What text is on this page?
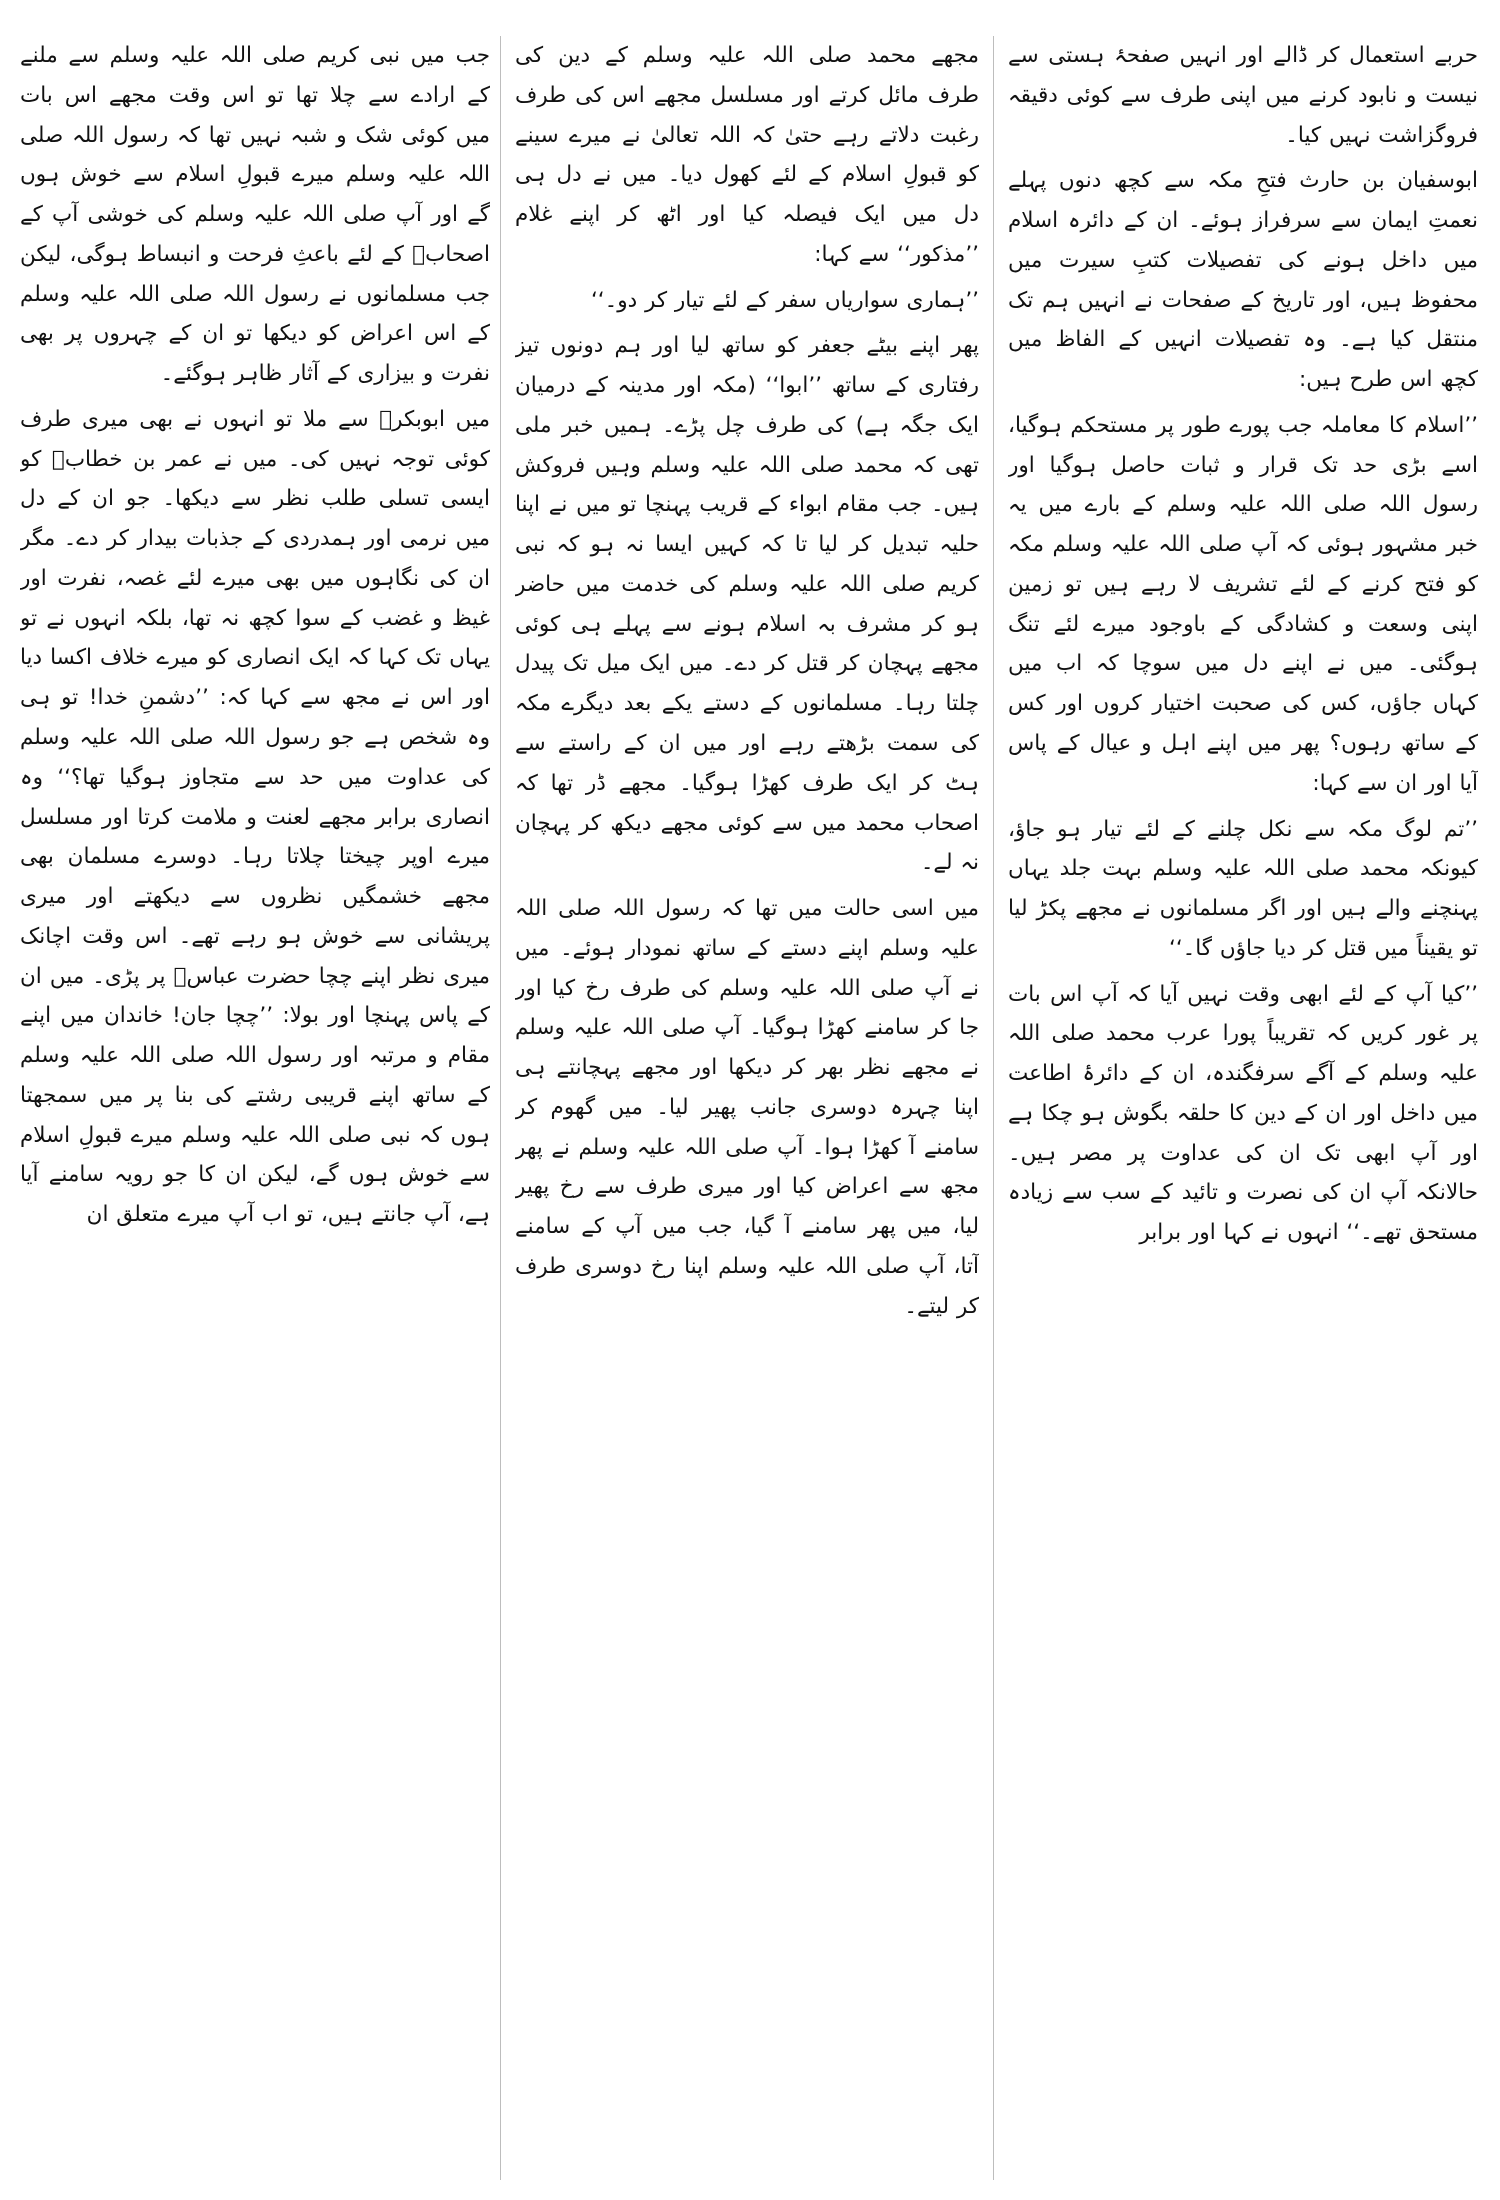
حربے استعمال کر ڈالے اور انہیں صفحۂ ہستی سے نیست و نابود کرنے میں اپنی طرف سے کوئی دقیقہ فروگزاشت نہیں کیا۔

ابوسفیان بن حارث فتحِ مکہ سے کچھ دنوں پہلے نعمتِ ایمان سے سرفراز ہوئے۔ ان کے دائرہ اسلام میں داخل ہونے کی تفصیلات کتبِ سیرت میں محفوظ ہیں، اور تاریخ کے صفحات نے انہیں ہم تک منتقل کیا ہے۔ وہ تفصیلات انہیں کے الفاظ میں کچھ اس طرح ہیں:

’’اسلام کا معاملہ جب پورے طور پر مستحکم ہوگیا، اسے بڑی حد تک قرار و ثبات حاصل ہوگیا اور رسول اللہ صلی اللہ علیہ وسلم کے بارے میں یہ خبر مشہور ہوئی کہ آپ صلی اللہ علیہ وسلم مکہ کو فتح کرنے کے لئے تشریف لا رہے ہیں تو زمین اپنی وسعت و کشادگی کے باوجود میرے لئے تنگ ہوگئی۔ میں نے اپنے دل میں سوچا کہ اب میں کہاں جاؤں، کس کی صحبت اختیار کروں اور کس کے ساتھ رہوں؟ پھر میں اپنے اہل و عیال کے پاس آیا اور ان سے کہا:

’’تم لوگ مکہ سے نکل چلنے کے لئے تیار ہو جاؤ، کیونکہ محمد صلی اللہ علیہ وسلم بہت جلد یہاں پہنچنے والے ہیں اور اگر مسلمانوں نے مجھے پکڑ لیا تو یقیناً میں قتل کر دیا جاؤں گا۔‘‘

’’کیا آپ کے لئے ابھی وقت نہیں آیا کہ آپ اس بات پر غور کریں کہ تقریباً پورا عرب محمد صلی اللہ علیہ وسلم کے آگے سرفگندہ، ان کے دائرۂ اطاعت میں داخل اور ان کے دین کا حلقہ بگوش ہو چکا ہے اور آپ ابھی تک ان کی عداوت پر مصر ہیں۔ حالانکہ آپ ان کی نصرت و تائید کے سب سے زیادہ مستحق تھے۔‘‘ انہوں نے کہا اور برابر

مجھے محمد صلی اللہ علیہ وسلم کے دین کی طرف مائل کرتے اور مسلسل مجھے اس کی طرف رغبت دلاتے رہے حتیٰ کہ اللہ تعالیٰ نے میرے سینے کو قبولِ اسلام کے لئے کھول دیا۔ میں نے دل ہی دل میں ایک فیصلہ کیا اور اٹھ کر اپنے غلام ’’مذکور‘‘ سے کہا:

’’ہماری سواریاں سفر کے لئے تیار کر دو۔‘‘

پھر اپنے بیٹے جعفر کو ساتھ لیا اور ہم دونوں تیز رفتاری کے ساتھ ’’ابوا‘‘ (مکہ اور مدینہ کے درمیان ایک جگہ ہے) کی طرف چل پڑے۔ ہمیں خبر ملی تھی کہ محمد صلی اللہ علیہ وسلم وہیں فروکش ہیں۔ جب مقام ابواء کے قریب پہنچا تو میں نے اپنا حلیہ تبدیل کر لیا تا کہ کہیں ایسا نہ ہو کہ نبی کریم صلی اللہ علیہ وسلم کی خدمت میں حاضر ہو کر مشرف بہ اسلام ہونے سے پہلے ہی کوئی مجھے پہچان کر قتل کر دے۔ میں ایک میل تک پیدل چلتا رہا۔ مسلمانوں کے دستے یکے بعد دیگرے مکہ کی سمت بڑھتے رہے اور میں ان کے راستے سے ہٹ کر ایک طرف کھڑا ہوگیا۔ مجھے ڈر تھا کہ اصحاب محمد میں سے کوئی مجھے دیکھ کر پہچان نہ لے۔

میں اسی حالت میں تھا کہ رسول اللہ صلی اللہ علیہ وسلم اپنے دستے کے ساتھ نمودار ہوئے۔ میں نے آپ صلی اللہ علیہ وسلم کی طرف رخ کیا اور جا کر سامنے کھڑا ہوگیا۔ آپ صلی اللہ علیہ وسلم نے مجھے نظر بھر کر دیکھا اور مجھے پہچانتے ہی اپنا چہرہ دوسری جانب پھیر لیا۔ میں گھوم کر سامنے آ کھڑا ہوا۔ آپ صلی اللہ علیہ وسلم نے پھر مجھ سے اعراض کیا اور میری طرف سے رخ پھیر لیا، میں پھر سامنے آ گیا، جب میں آپ کے سامنے آتا، آپ صلی اللہ علیہ وسلم اپنا رخ دوسری طرف کر لیتے۔

جب میں نبی کریم صلی اللہ علیہ وسلم سے ملنے کے ارادے سے چلا تھا تو اس وقت مجھے اس بات میں کوئی شک و شبہ نہیں تھا کہ رسول اللہ صلی اللہ علیہ وسلم میرے قبولِ اسلام سے خوش ہوں گے اور آپ صلی اللہ علیہ وسلم کی خوشی آپ کے اصحابؓ کے لئے باعثِ فرحت و انبساط ہوگی، لیکن جب مسلمانوں نے رسول اللہ صلی اللہ علیہ وسلم کے اس اعراض کو دیکھا تو ان کے چہروں پر بھی نفرت و بیزاری کے آثار ظاہر ہوگئے۔

میں ابوبکرؓ سے ملا تو انہوں نے بھی میری طرف کوئی توجہ نہیں کی۔ میں نے عمر بن خطابؓ کو ایسی تسلی طلب نظر سے دیکھا۔ جو ان کے دل میں نرمی اور ہمدردی کے جذبات بیدار کر دے۔ مگر ان کی نگاہوں میں بھی میرے لئے غصہ، نفرت اور غیظ و غضب کے سوا کچھ نہ تھا، بلکہ انہوں نے تو یہاں تک کہا کہ ایک انصاری کو میرے خلاف اکسا دیا اور اس نے مجھ سے کہا کہ: ’’دشمنِ خدا! تو ہی وہ شخص ہے جو رسول اللہ صلی اللہ علیہ وسلم کی عداوت میں حد سے متجاوز ہوگیا تھا؟‘‘ وہ انصاری برابر مجھے لعنت و ملامت کرتا اور مسلسل میرے اوپر چیختا چلاتا رہا۔ دوسرے مسلمان بھی مجھے خشمگیں نظروں سے دیکھتے اور میری پریشانی سے خوش ہو رہے تھے۔ اس وقت اچانک میری نظر اپنے چچا حضرت عباسؓ پر پڑی۔ میں ان کے پاس پہنچا اور بولا: ’’چچا جان! خاندان میں اپنے مقام و مرتبہ اور رسول اللہ صلی اللہ علیہ وسلم کے ساتھ اپنے قریبی رشتے کی بنا پر میں سمجھتا ہوں کہ نبی صلی اللہ علیہ وسلم میرے قبولِ اسلام سے خوش ہوں گے، لیکن ان کا جو رویہ سامنے آیا ہے، آپ جانتے ہیں، تو اب آپ میرے متعلق ان
